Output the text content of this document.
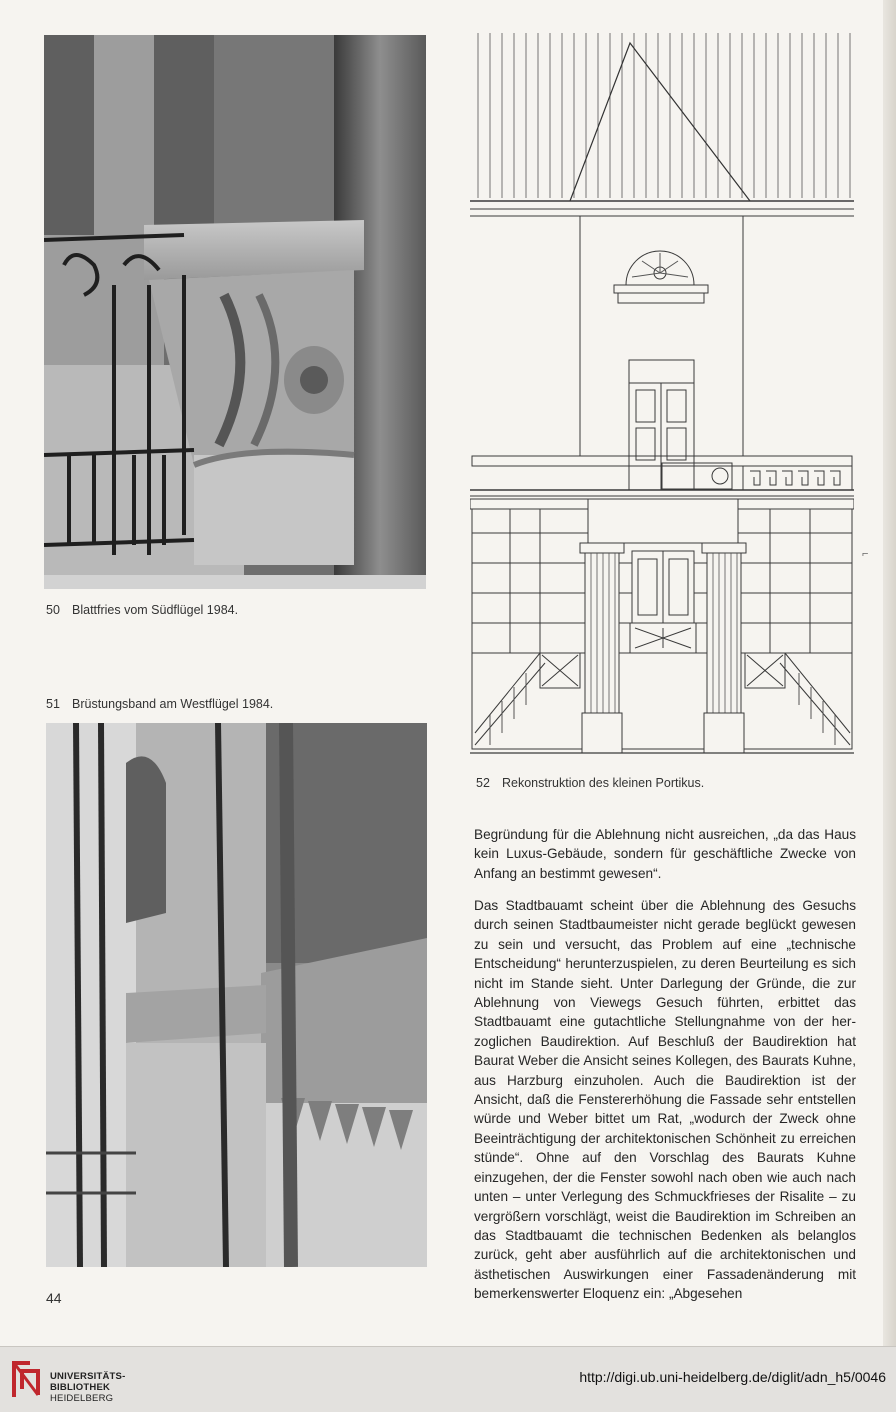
50 Blattfries vom Südflügel 1984.
51 Brüstungsband am Westflügel 1984.
52 Rekonstruktion des kleinen Portikus.
⌐

Begründung für die Ablehnung nicht ausreichen, „da das Haus kein Luxus-Gebäude, sondern für geschäftliche Zwecke von Anfang an bestimmt gewesen“.

Das Stadtbauamt scheint über die Ablehnung des Gesuchs durch seinen Stadtbaumeister nicht gerade beglückt gewesen zu sein und versucht, das Problem auf eine „technische Entscheidung“ herunterzuspielen, zu deren Beurteilung es sich nicht im Stande sieht. Unter Darlegung der Gründe, die zur Ablehnung von Viewegs Gesuch führten, erbittet das Stadtbauamt eine gutachtliche Stellungnahme von der herzoglichen Baudirektion. Auf Beschluß der Baudirektion hat Baurat Weber die Ansicht seines Kollegen, des Baurats Kuhne, aus Harzburg einzuholen. Auch die Baudirektion ist der Ansicht, daß die Fenstererhöhung die Fassade sehr entstellen würde und Weber bittet um Rat, „wodurch der Zweck ohne Beeinträchtigung der architektonischen Schönheit zu erreichen stünde“. Ohne auf den Vorschlag des Baurats Kuhne einzugehen, der die Fenster sowohl nach oben wie auch nach unten – unter Verlegung des Schmuckfrieses der Risalite – zu vergrößern vorschlägt, weist die Baudirektion im Schreiben an das Stadtbauamt die technischen Bedenken als belanglos zurück, geht aber ausführlich auf die architektonischen und ästhetischen Auswirkungen einer Fassadenänderung mit bemerkenswerter Eloquenz ein: „Abgesehen

44
UNIVERSITÄTS-
BIBLIOTHEK
HEIDELBERG
http://digi.ub.uni-heidelberg.de/diglit/adn_h5/0046
